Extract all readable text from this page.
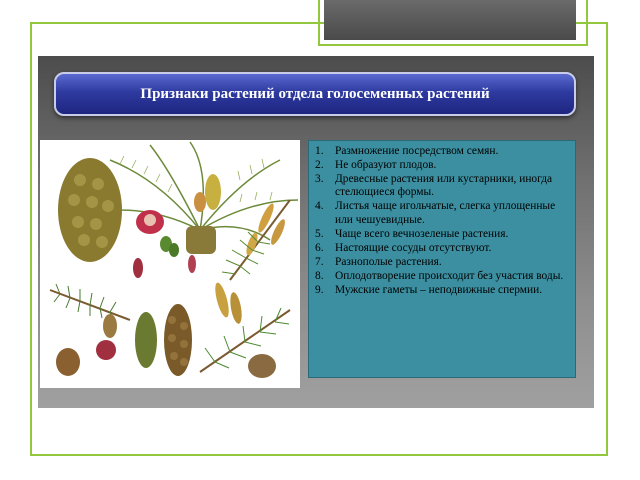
Признаки растений отдела голосеменных растений
1. Размножение посредством семян.
2. Не образуют плодов.
3. Древесные растения или кустарники, иногда стелющиеся формы.
4. Листья чаще игольчатые, слегка уплощенные или чешуевидные.
5. Чаще всего вечнозеленые растения.
6. Настоящие сосуды отсутствуют.
7. Разнополые растения.
8. Оплодотворение происходит без участия воды.
9. Мужские гаметы – неподвижные спермии.
